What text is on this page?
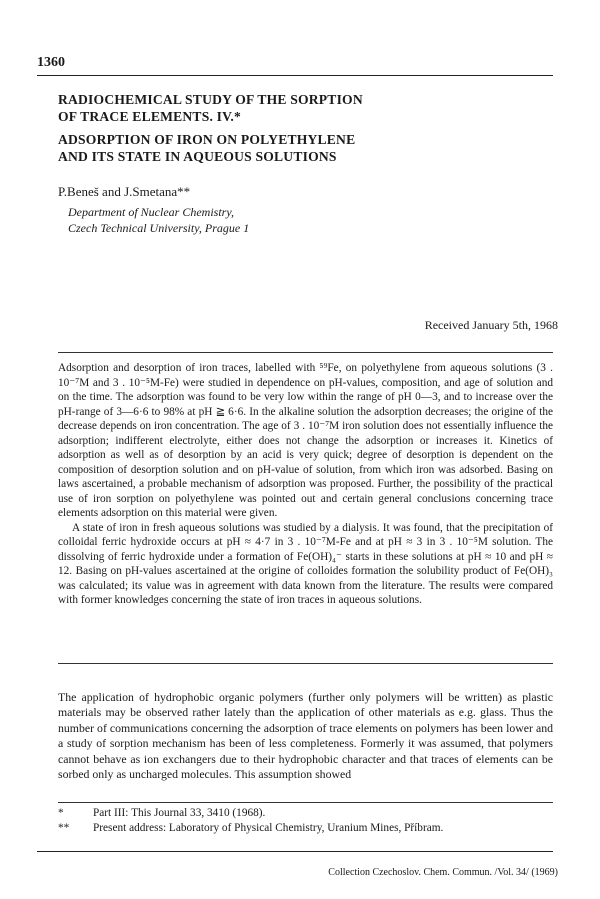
1360
RADIOCHEMICAL STUDY OF THE SORPTION
OF TRACE ELEMENTS. IV.*
ADSORPTION OF IRON ON POLYETHYLENE
AND ITS STATE IN AQUEOUS SOLUTIONS
P.Beneš and J.Smetana**
Department of Nuclear Chemistry,
Czech Technical University, Prague 1
Received January 5th, 1968

Adsorption and desorption of iron traces, labelled with ⁵⁹Fe, on polyethylene from aqueous solutions (3 . 10⁻⁷M and 3 . 10⁻⁵M-Fe) were studied in dependence on pH-values, composition, and age of solution and on the time. The adsorption was found to be very low within the range of pH 0—3, and to increase over the pH-range of 3—6·6 to 98% at pH ≧ 6·6. In the alkaline solution the adsorption decreases; the origine of the decrease depends on iron concentration. The age of 3 . 10⁻⁷M iron solution does not essentially influence the adsorption; indifferent electrolyte, either does not change the adsorption or increases it. Kinetics of adsorption as well as of desorption by an acid is very quick; degree of desorption is dependent on the composition of desorption solution and on pH-value of solution, from which iron was adsorbed. Basing on laws ascertained, a probable mechanism of adsorption was proposed. Further, the possibility of the practical use of iron sorption on polyethylene was pointed out and certain general conclusions concerning trace elements adsorption on this material were given.

A state of iron in fresh aqueous solutions was studied by a dialysis. It was found, that the precipitation of colloidal ferric hydroxide occurs at pH ≈ 4·7 in 3 . 10⁻⁷M-Fe and at pH ≈ 3 in 3 . 10⁻⁵M solution. The dissolving of ferric hydroxide under a formation of Fe(OH)₄⁻ starts in these solutions at pH ≈ 10 and pH ≈ 12. Basing on pH-values ascertained at the origine of colloides formation the solubility product of Fe(OH)₃ was calculated; its value was in agreement with data known from the literature. The results were compared with former knowledges concerning the state of iron traces in aqueous solutions.

The application of hydrophobic organic polymers (further only polymers will be written) as plastic materials may be observed rather lately than the application of other materials as e.g. glass. Thus the number of communications concerning the adsorption of trace elements on polymers has been lower and a study of sorption mechanism has been of less completeness. Formerly it was assumed, that polymers cannot behave as ion exchangers due to their hydrophobic character and that traces of elements can be sorbed only as uncharged molecules. This assumption showed

*	Part III: This Journal 33, 3410 (1968).
**	Present address: Laboratory of Physical Chemistry, Uranium Mines, Příbram.
Collection Czechoslov. Chem. Commun. /Vol. 34/ (1969)
